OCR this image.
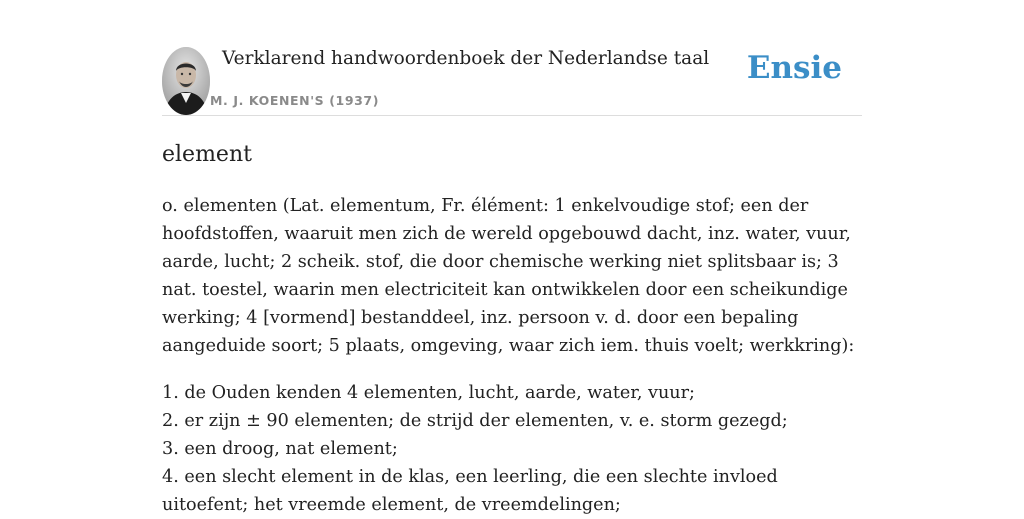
Verklarend handwoordenboek der Nederlandse taal
M. J. KOENEN'S (1937)
Ensie
element
o. elementen (Lat. elementum, Fr. élément: 1 enkelvoudige stof; een der hoofdstoffen, waaruit men zich de wereld opgebouwd dacht, inz. water, vuur, aarde, lucht; 2 scheik. stof, die door chemische werking niet splitsbaar is; 3 nat. toestel, waarin men electriciteit kan ontwikkelen door een scheikundige werking; 4 [vormend] bestanddeel, inz. persoon v. d. door een bepaling aangeduide soort; 5 plaats, omgeving, waar zich iem. thuis voelt; werkkring):
1. de Ouden kenden 4 elementen, lucht, aarde, water, vuur;
2. er zijn ± 90 elementen; de strijd der elementen, v. e. storm gezegd;
3. een droog, nat element;
4. een slecht element in de klas, een leerling, die een slechte invloed uitoefent; het vreemde element, de vreemdelingen;
